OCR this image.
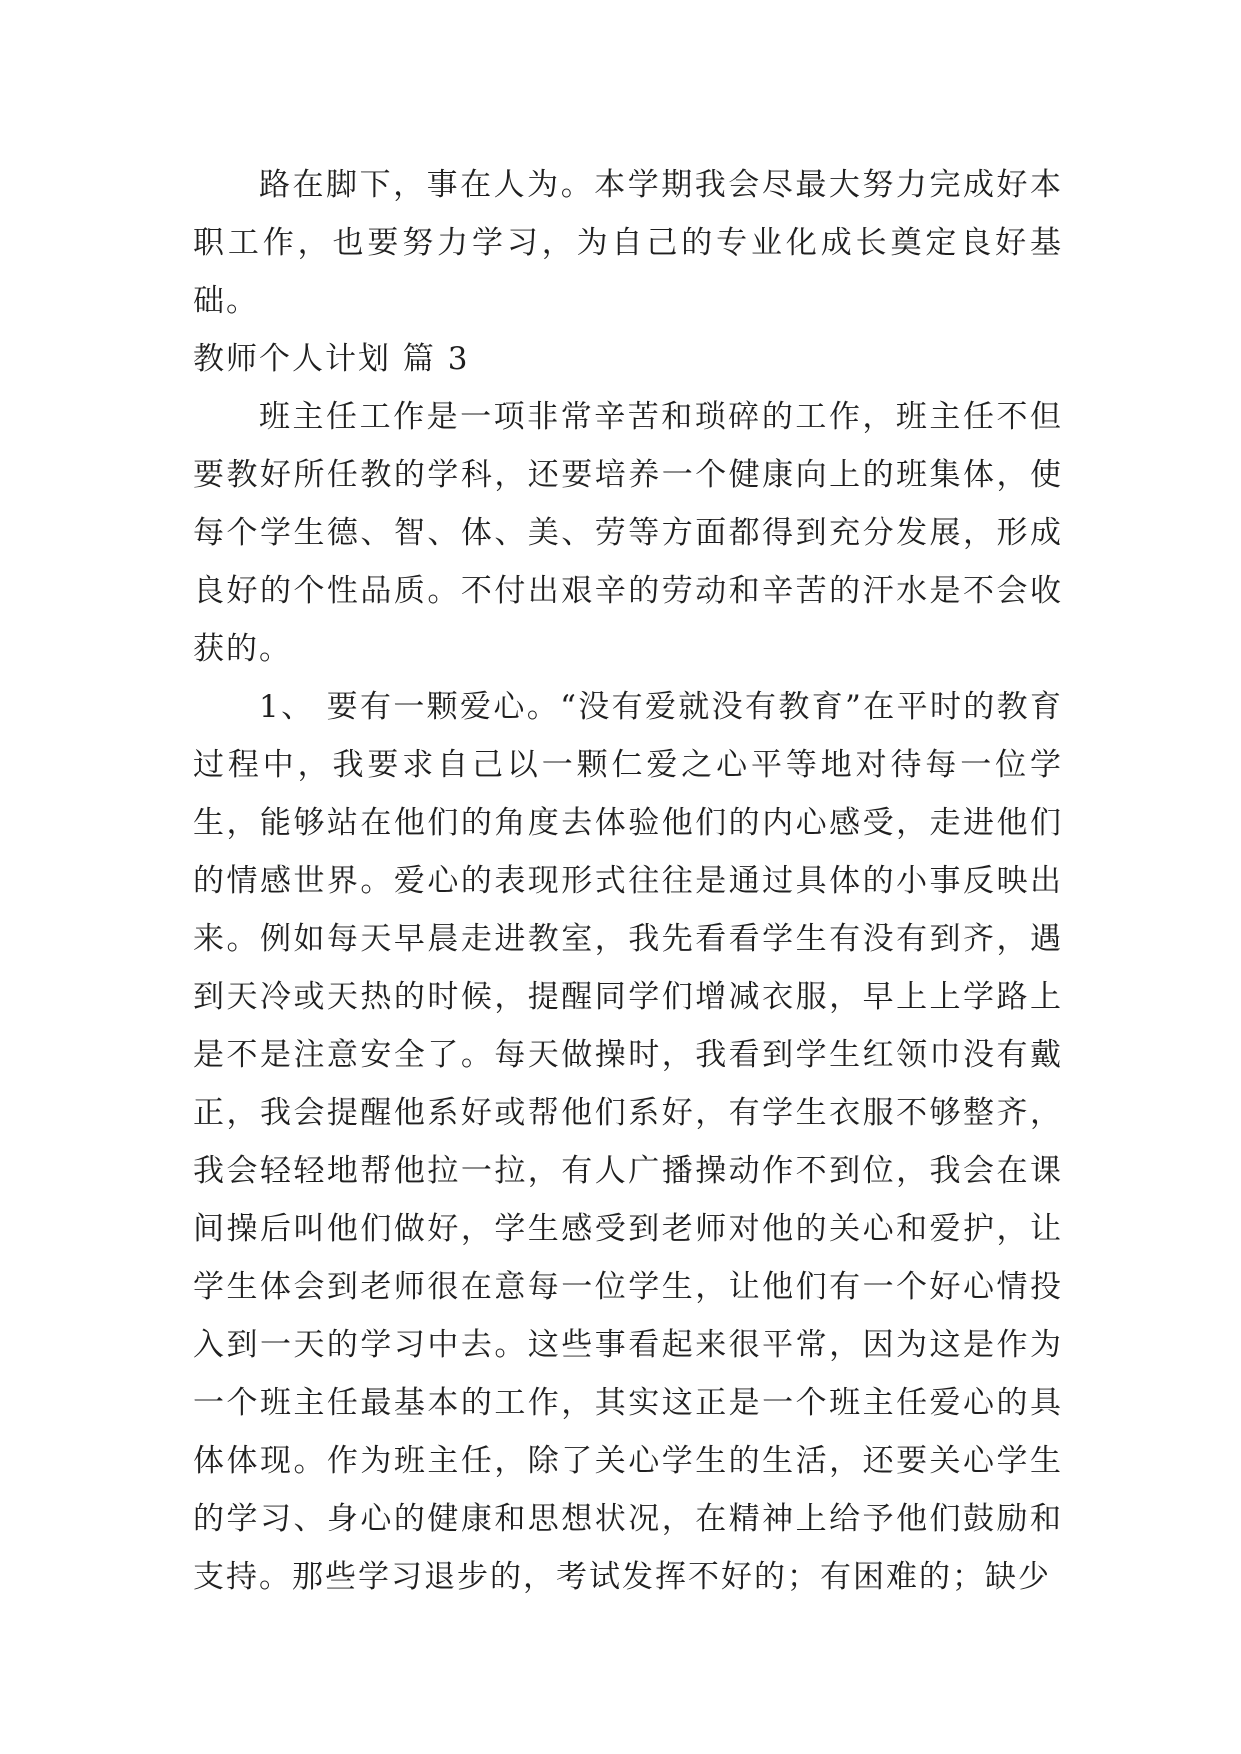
路在脚下，事在人为。本学期我会尽最大努力完成好本职工作，也要努力学习，为自己的专业化成长奠定良好基础。

教师个人计划 篇 3

班主任工作是一项非常辛苦和琐碎的工作，班主任不但要教好所任教的学科，还要培养一个健康向上的班集体，使每个学生德、智、体、美、劳等方面都得到充分发展，形成良好的个性品质。不付出艰辛的劳动和辛苦的汗水是不会收获的。

1、 要有一颗爱心。“没有爱就没有教育”在平时的教育过程中，我要求自己以一颗仁爱之心平等地对待每一位学生，能够站在他们的角度去体验他们的内心感受，走进他们的情感世界。爱心的表现形式往往是通过具体的小事反映出来。例如每天早晨走进教室，我先看看学生有没有到齐，遇到天冷或天热的时候，提醒同学们增减衣服，早上上学路上是不是注意安全了。每天做操时，我看到学生红领巾没有戴正，我会提醒他系好或帮他们系好，有学生衣服不够整齐，我会轻轻地帮他拉一拉，有人广播操动作不到位，我会在课间操后叫他们做好，学生感受到老师对他的关心和爱护，让学生体会到老师很在意每一位学生，让他们有一个好心情投入到一天的学习中去。这些事看起来很平常，因为这是作为一个班主任最基本的工作，其实这正是一个班主任爱心的具体体现。作为班主任，除了关心学生的生活，还要关心学生的学习、身心的健康和思想状况，在精神上给予他们鼓励和支持。那些学习退步的，考试发挥不好的；有困难的；缺少
